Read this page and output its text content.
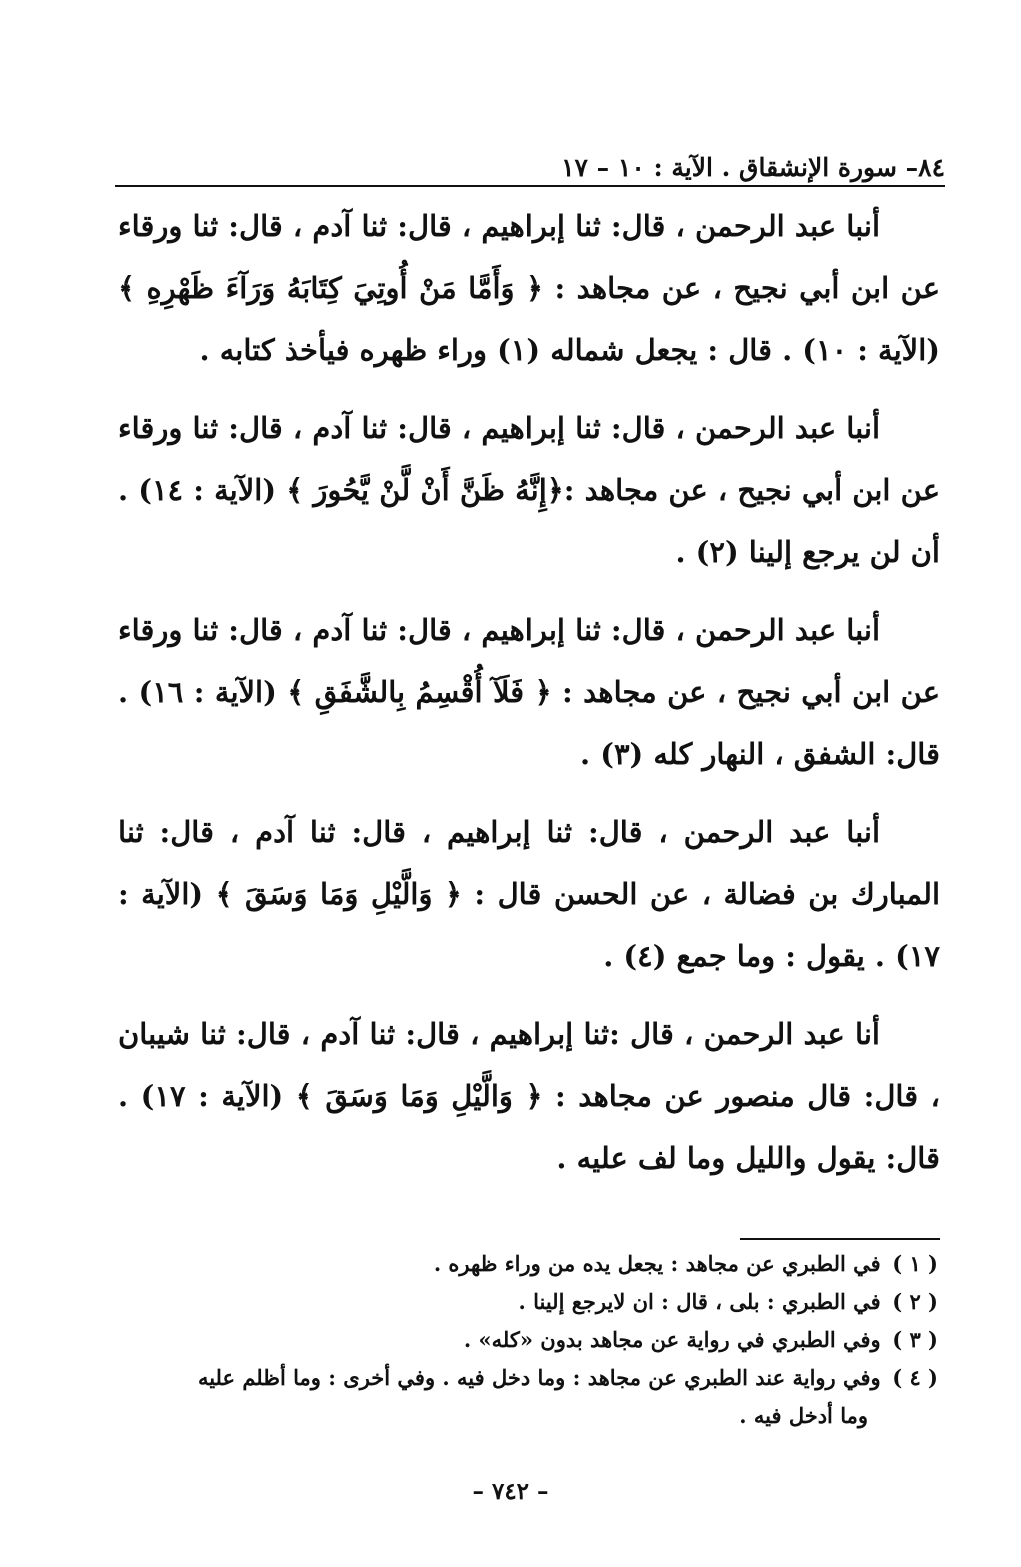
٨٤– سورة الإنشقاق . الآية : ١٠ – ١٧

أنبا عبد الرحمن ، قال: ثنا إبراهيم ، قال: ثنا آدم ، قال: ثنا ورقاء عن ابن أبي نجيح ، عن مجاهد : ﴿ وَأَمَّا مَنْ أُوتِيَ كِتَابَهُ وَرَآءَ ظَهْرِهِ ﴾ (الآية : ١٠) . قال : يجعل شماله (١) وراء ظهره فيأخذ كتابه .

أنبا عبد الرحمن ، قال: ثنا إبراهيم ، قال: ثنا آدم ، قال: ثنا ورقاء عن ابن أبي نجيح ، عن مجاهد :﴿إِنَّهُ ظَنَّ أَنْ لَّنْ يَّحُورَ ﴾ (الآية : ١٤) . أن لن يرجع إلينا (٢) .

أنبا عبد الرحمن ، قال: ثنا إبراهيم ، قال: ثنا آدم ، قال: ثنا ورقاء عن ابن أبي نجيح ، عن مجاهد : ﴿ فَلَآ أُقْسِمُ بِالشَّفَقِ ﴾ (الآية : ١٦) . قال: الشفق ، النهار كله (٣) .

أنبا عبد الرحمن ، قال: ثنا إبراهيم ، قال: ثنا آدم ، قال: ثنا المبارك بن فضالة ، عن الحسن قال : ﴿ وَالَّيْلِ وَمَا وَسَقَ ﴾ (الآية : ١٧) . يقول : وما جمع (٤) .

أنا عبد الرحمن ، قال :ثنا إبراهيم ، قال: ثنا آدم ، قال: ثنا شيبان ، قال: قال منصور عن مجاهد : ﴿ وَالَّيْلِ وَمَا وَسَقَ ﴾ (الآية : ١٧) . قال: يقول والليل وما لف عليه .

( ١ ) في الطبري عن مجاهد : يجعل يده من وراء ظهره .

( ٢ ) في الطبري : بلى ، قال : ان لايرجع إلينا .

( ٣ ) وفي الطبري في رواية عن مجاهد بدون «كله» .

( ٤ ) وفي رواية عند الطبري عن مجاهد : وما دخل فيه . وفي أخرى : وما أظلم عليه

وما أدخل فيه .

– ٧٤٢ –
